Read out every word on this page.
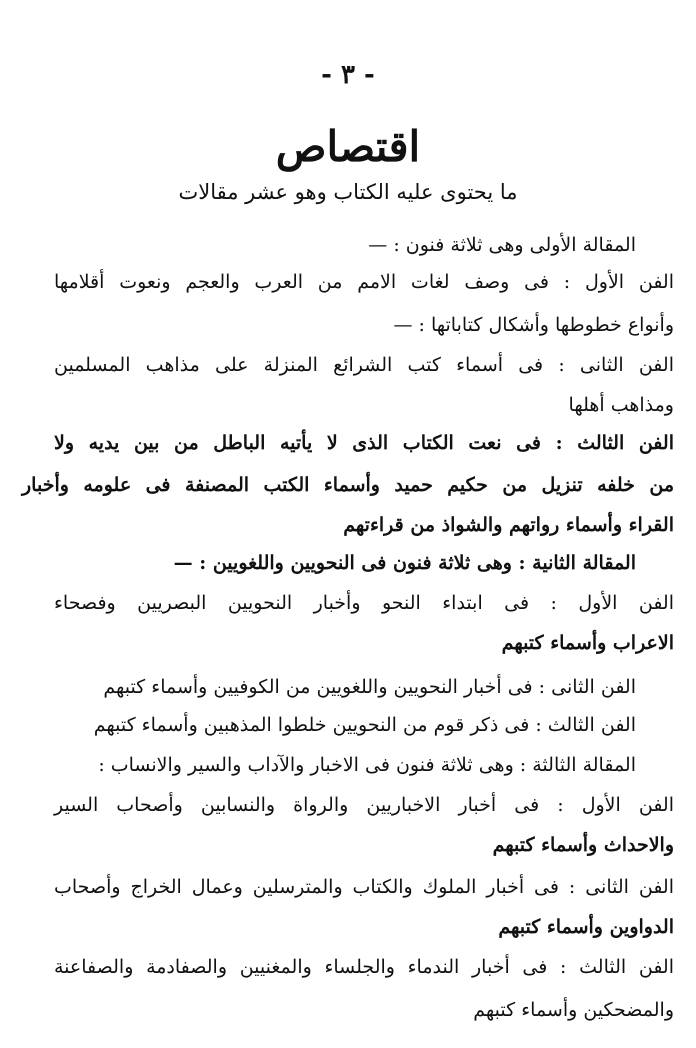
- ٣ -
اقتصاص
ما يحتوى عليه الكتاب وهو عشر مقالات
المقالة الأولى وهى ثلاثة فنون : —
الفن الأول : فى وصف لغات الامم من العرب والعجم ونعوت أقلامها
وأنواع خطوطها وأشكال كتاباتها : —
الفن الثانى : فى أسماء كتب الشرائع المنزلة على مذاهب المسلمين
ومذاهب أهلها
الفن الثالث : فى نعت الكتاب الذى لا يأتيه الباطل من بين يديه ولا
من خلفه تنزيل من حكيم حميد وأسماء الكتب المصنفة فى علومه وأخبار
القراء وأسماء رواتهم والشواذ من قراءتهم
المقالة الثانية : وهى ثلاثة فنون فى النحويين واللغويين : —
الفن الأول : فى ابتداء النحو وأخبار النحويين البصريين وفصحاء
الاعراب وأسماء كتبهم
الفن الثانى : فى أخبار النحويين واللغويين من الكوفيين وأسماء كتبهم
الفن الثالث : فى ذكر قوم من النحويين خلطوا المذهبين وأسماء كتبهم
المقالة الثالثة : وهى ثلاثة فنون فى الاخبار والآداب والسير والانساب :
الفن الأول : فى أخبار الاخباريين والرواة والنسابين وأصحاب السير
والاحداث وأسماء كتبهم
الفن الثانى : فى أخبار الملوك والكتاب والمترسلين وعمال الخراج وأصحاب
الدواوين وأسماء كتبهم
الفن الثالث : فى أخبار الندماء والجلساء والمغنيين والصفادمة والصفاعنة
والمضحكين وأسماء كتبهم
